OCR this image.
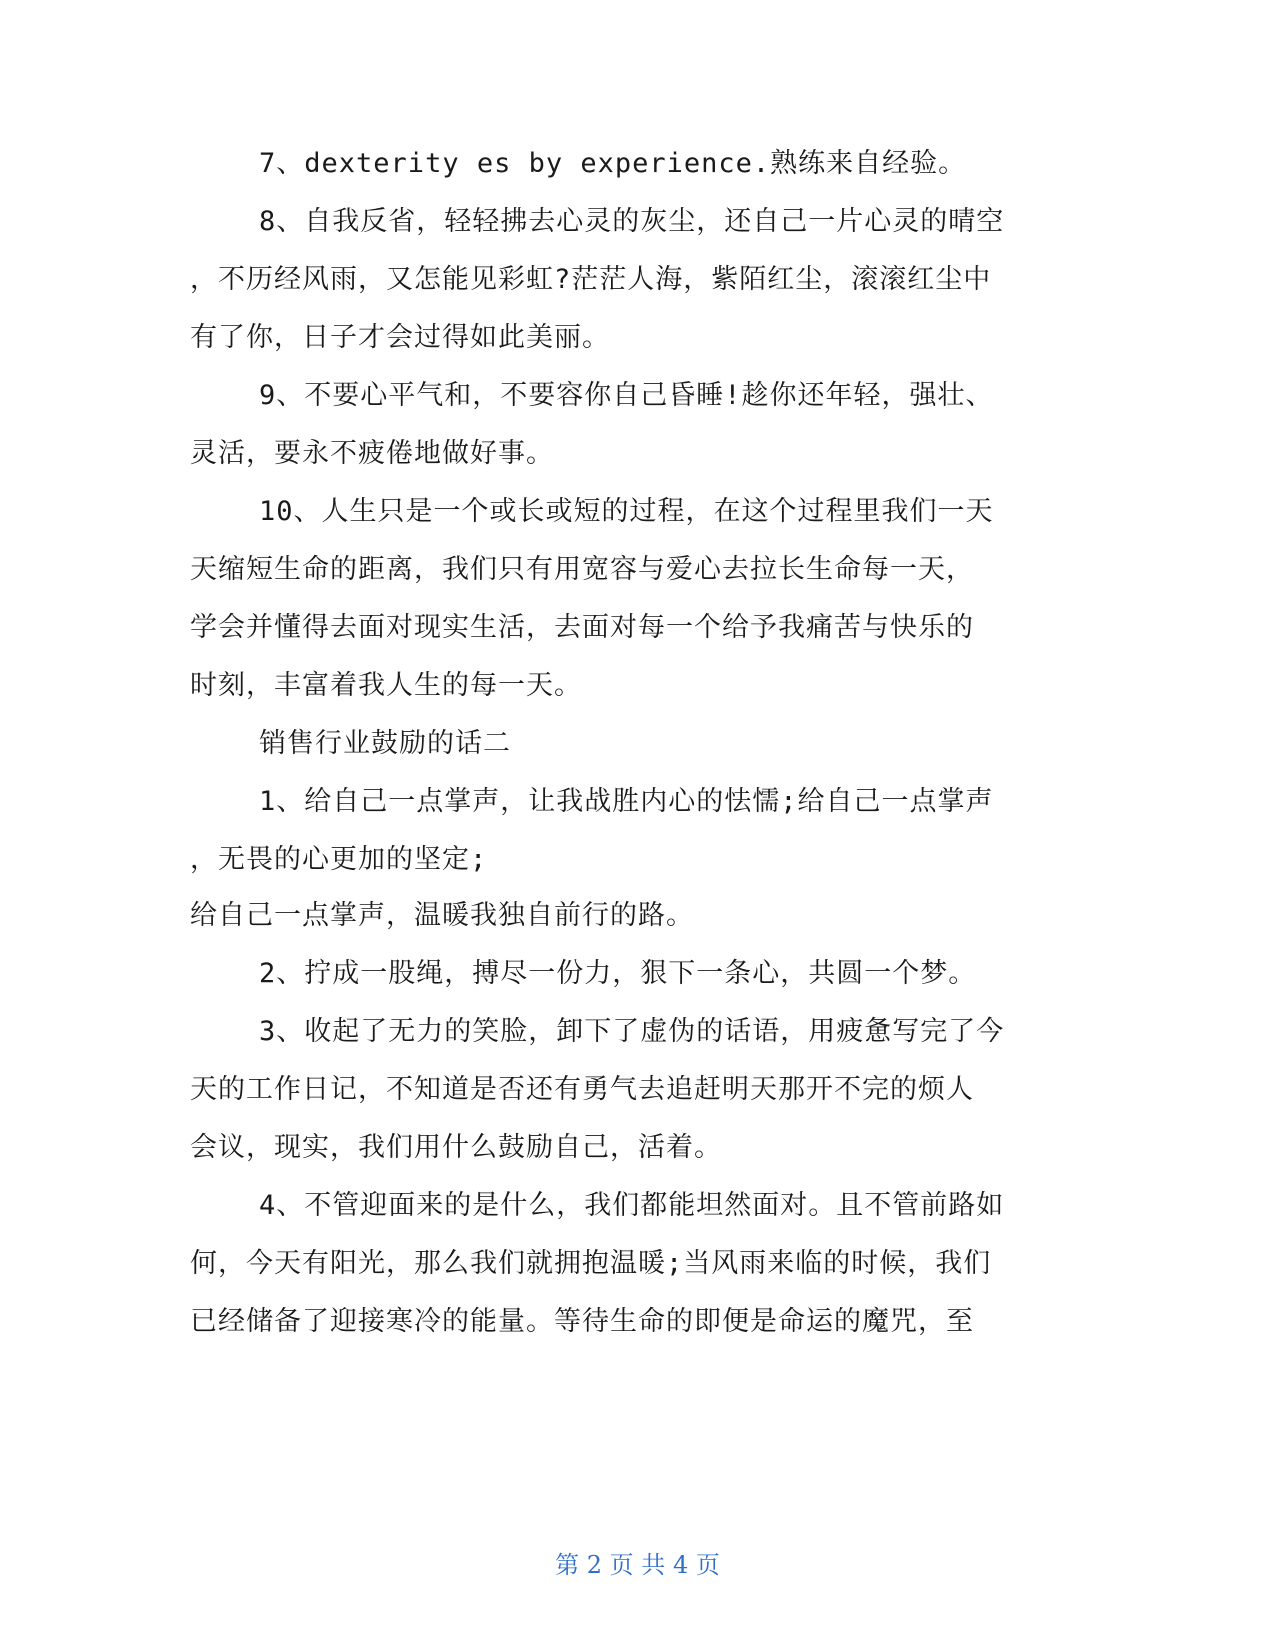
7、dexterity es by experience.熟练来自经验。
8、自我反省，轻轻拂去心灵的灰尘，还自己一片心灵的晴空
，不历经风雨，又怎能见彩虹?茫茫人海，紫陌红尘，滚滚红尘中
有了你，日子才会过得如此美丽。
9、不要心平气和，不要容你自己昏睡!趁你还年轻，强壮、
灵活，要永不疲倦地做好事。
10、人生只是一个或长或短的过程，在这个过程里我们一天
天缩短生命的距离，我们只有用宽容与爱心去拉长生命每一天，
学会并懂得去面对现实生活，去面对每一个给予我痛苦与快乐的
时刻，丰富着我人生的每一天。
销售行业鼓励的话二
1、给自己一点掌声，让我战胜内心的怯懦;给自己一点掌声
，无畏的心更加的坚定;
给自己一点掌声，温暖我独自前行的路。
2、拧成一股绳，搏尽一份力，狠下一条心，共圆一个梦。
3、收起了无力的笑脸，卸下了虚伪的话语，用疲惫写完了今
天的工作日记，不知道是否还有勇气去追赶明天那开不完的烦人
会议，现实，我们用什么鼓励自己，活着。
4、不管迎面来的是什么，我们都能坦然面对。且不管前路如
何，今天有阳光，那么我们就拥抱温暖;当风雨来临的时候，我们
已经储备了迎接寒冷的能量。等待生命的即便是命运的魔咒，至
第 2 页 共 4 页
